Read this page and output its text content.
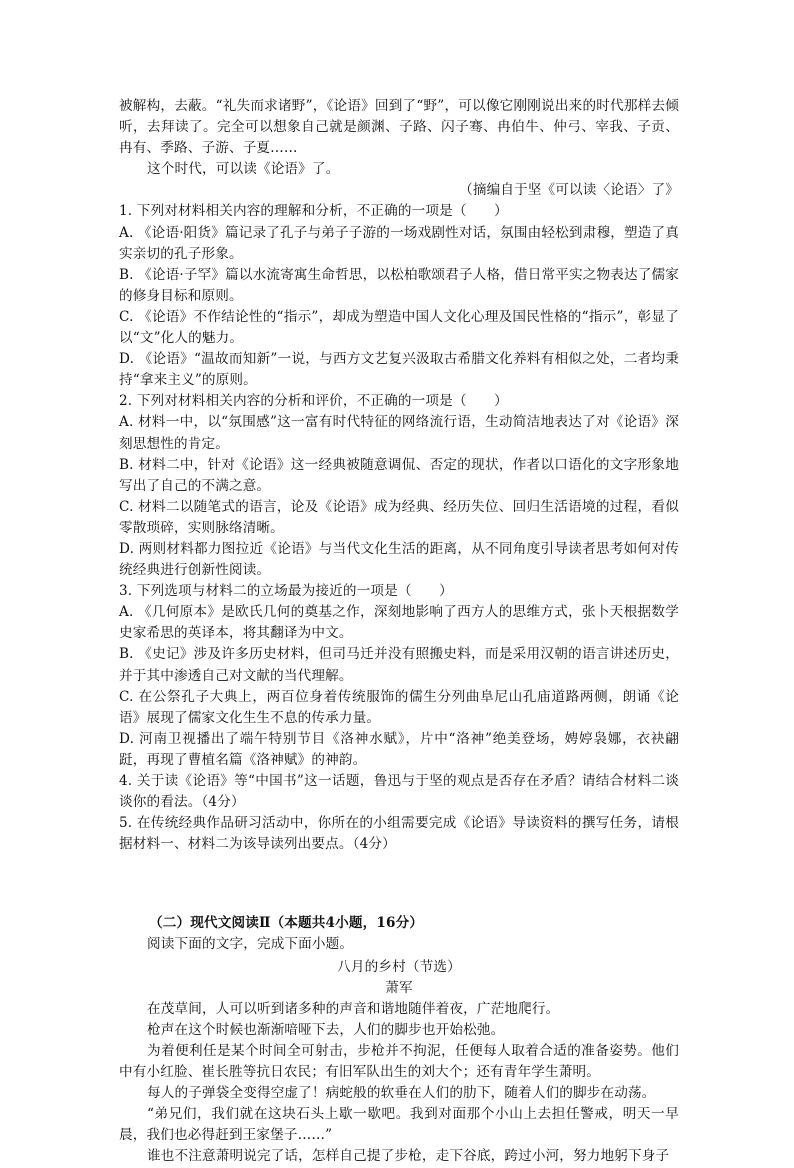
被解构，去蔽。“礼失而求诸野”，《论语》回到了“野”，可以像它刚刚说出来的时代那样去倾听，去拜读了。完全可以想象自己就是颜渊、子路、闪子骞、冉伯牛、仲弓、宰我、子贡、冉有、季路、子游、子夏……

这个时代，可以读《论语》了。

（摘编自于坚《可以读〈论语〉了》

1. 下列对材料相关内容的理解和分析，不正确的一项是（　　）

A. 《论语·阳货》篇记录了孔子与弟子子游的一场戏剧性对话，氛围由轻松到肃穆，塑造了真实亲切的孔子形象。

B. 《论语·子罕》篇以水流寄寓生命哲思，以松柏歌颂君子人格，借日常平实之物表达了儒家的修身目标和原则。

C. 《论语》不作结论性的“指示”，却成为塑造中国人文化心理及国民性格的“指示”，彰显了以“文”化人的魅力。

D. 《论语》“温故而知新”一说，与西方文艺复兴汲取古希腊文化养料有相似之处，二者均秉持“拿来主义”的原则。

2. 下列对材料相关内容的分析和评价，不正确的一项是（　　）

A. 材料一中，以“氛围感”这一富有时代特征的网络流行语，生动简洁地表达了对《论语》深刻思想性的肯定。

B. 材料二中，针对《论语》这一经典被随意调侃、否定的现状，作者以口语化的文字形象地写出了自己的不满之意。

C. 材料二以随笔式的语言，论及《论语》成为经典、经历失位、回归生活语境的过程，看似零散琐碎，实则脉络清晰。

D. 两则材料都力图拉近《论语》与当代文化生活的距离，从不同角度引导读者思考如何对传统经典进行创新性阅读。

3. 下列选项与材料二的立场最为接近的一项是（　　）

A. 《几何原本》是欧氏几何的奠基之作，深刻地影响了西方人的思维方式，张卜天根据数学史家希思的英译本，将其翻译为中文。

B. 《史记》涉及许多历史材料，但司马迁并没有照搬史料，而是采用汉朝的语言讲述历史，并于其中渗透自己对文献的当代理解。

C. 在公祭孔子大典上，两百位身着传统服饰的儒生分列曲阜尼山孔庙道路两侧，朗诵《论语》展现了儒家文化生生不息的传承力量。

D. 河南卫视播出了端午特别节目《洛神水赋》，片中“洛神”绝美登场，娉婷袅娜，衣袂翩跹，再现了曹植名篇《洛神赋》的神韵。

4. 关于读《论语》等“中国书”这一话题，鲁迅与于坚的观点是否存在矛盾？请结合材料二谈谈你的看法。（4分）

5. 在传统经典作品研习活动中，你所在的小组需要完成《论语》导读资料的撰写任务，请根据材料一、材料二为该导读列出要点。（4分）

（二）现代文阅读Ⅱ（本题共4小题，16分）

阅读下面的文字，完成下面小题。

八月的乡村（节选）

萧军

在茂草间，人可以听到诸多种的声音和谐地随伴着夜，广茫地爬行。

枪声在这个时候也渐渐喑哑下去，人们的脚步也开始松弛。

为着便利任是某个时间全可射击，步枪并不拘泥，任便每人取着合适的准备姿势。他们中有小红脸、崔长胜等抗日农民；有旧军队出生的刘大个；还有青年学生萧明。

每人的子弹袋全变得空虚了！病蛇般的软垂在人们的肋下，随着人们的脚步在动荡。

“弟兄们，我们就在这块石头上歇一歇吧。我到对面那个小山上去担任警戒，明天一早晨，我们也必得赶到王家堡子……”

谁也不注意萧明说完了话，怎样自己提了步枪，走下谷底，跨过小河，努力地躬下身子
